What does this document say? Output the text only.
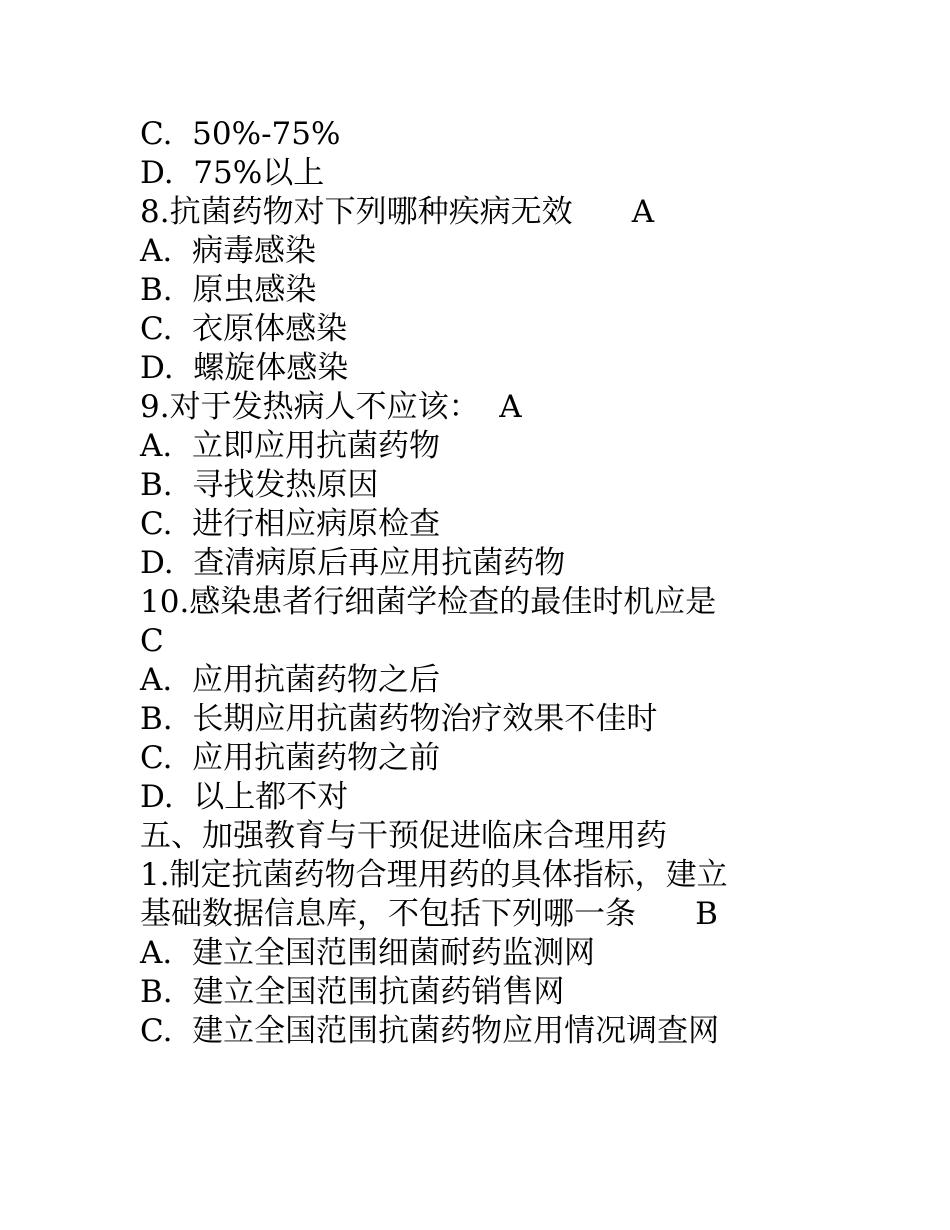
C.  50%-75%
D.  75%以上
8.抗菌药物对下列哪种疾病无效      A
A.  病毒感染
B.  原虫感染
C.  衣原体感染
D.  螺旋体感染
9.对于发热病人不应该：  A
A.  立即应用抗菌药物
B.  寻找发热原因
C.  进行相应病原检查
D.  查清病原后再应用抗菌药物
10.感染患者行细菌学检查的最佳时机应是
C
A.  应用抗菌药物之后
B.  长期应用抗菌药物治疗效果不佳时
C.  应用抗菌药物之前
D.  以上都不对
五、加强教育与干预促进临床合理用药
1.制定抗菌药物合理用药的具体指标，建立
基础数据信息库，不包括下列哪一条      B
A.  建立全国范围细菌耐药监测网
B.  建立全国范围抗菌药销售网
C.  建立全国范围抗菌药物应用情况调查网
